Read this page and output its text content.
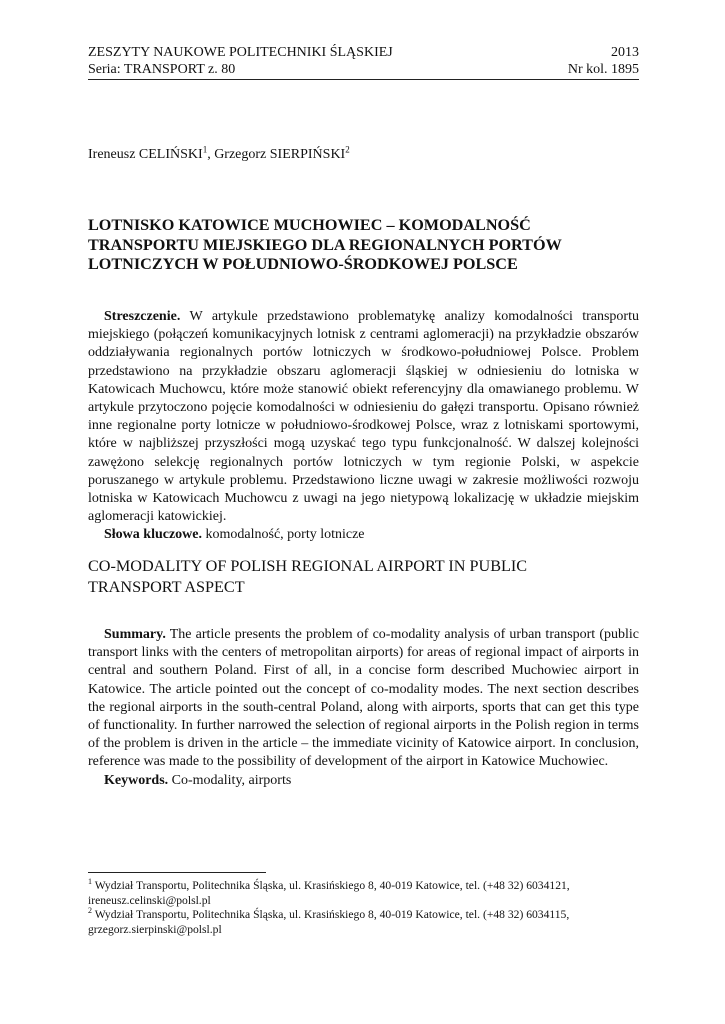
ZESZYTY NAUKOWE POLITECHNIKI ŚLĄSKIEJ	2013
Seria: TRANSPORT z. 80	Nr kol. 1895
Ireneusz CELIŃSKI$^1$, Grzegorz SIERPIŃSKI$^2$
LOTNISKO KATOWICE MUCHOWIEC – KOMODALNOŚĆ
TRANSPORTU MIEJSKIEGO DLA REGIONALNYCH PORTÓW
LOTNICZYCH W POŁUDNIOWO-ŚRODKOWEJ POLSCE

Streszczenie. W artykule przedstawiono problematykę analizy komodalności transportu miejskiego (połączeń komunikacyjnych lotnisk z centrami aglomeracji) na przykładzie obszarów oddziaływania regionalnych portów lotniczych w środkowo-południowej Polsce. Problem przedstawiono na przykładzie obszaru aglomeracji śląskiej w odniesieniu do lotniska w Katowicach Muchowcu, które może stanowić obiekt referencyjny dla omawianego problemu. W artykule przytoczono pojęcie komodalności w odniesieniu do gałęzi transportu. Opisano również inne regionalne porty lotnicze w południowo-środkowej Polsce, wraz z lotniskami sportowymi, które w najbliższej przyszłości mogą uzyskać tego typu funkcjonalność. W dalszej kolejności zawężono selekcję regionalnych portów lotniczych w tym regionie Polski, w aspekcie poruszanego w artykule problemu. Przedstawiono liczne uwagi w zakresie możliwości rozwoju lotniska w Katowicach Muchowcu z uwagi na jego nietypową lokalizację w układzie miejskim aglomeracji katowickiej.

Słowa kluczowe. komodalność, porty lotnicze

CO-MODALITY OF POLISH REGIONAL AIRPORT IN PUBLIC
TRANSPORT ASPECT

Summary. The article presents the problem of co-modality analysis of urban transport (public transport links with the centers of metropolitan airports) for areas of regional impact of airports in central and southern Poland. First of all, in a concise form described Muchowiec airport in Katowice. The article pointed out the concept of co-modality modes. The next section describes the regional airports in the south-central Poland, along with airports, sports that can get this type of functionality. In further narrowed the selection of regional airports in the Polish region in terms of the problem is driven in the article – the immediate vicinity of Katowice airport. In conclusion, reference was made to the possibility of development of the airport in Katowice Muchowiec.

Keywords. Co-modality, airports

$^1$ Wydział Transportu, Politechnika Śląska, ul. Krasińskiego 8, 40-019 Katowice, tel. (+48 32) 6034121,
ireneusz.celinski@polsl.pl

$^2$ Wydział Transportu, Politechnika Śląska, ul. Krasińskiego 8, 40-019 Katowice, tel. (+48 32) 6034115,
grzegorz.sierpinski@polsl.pl
